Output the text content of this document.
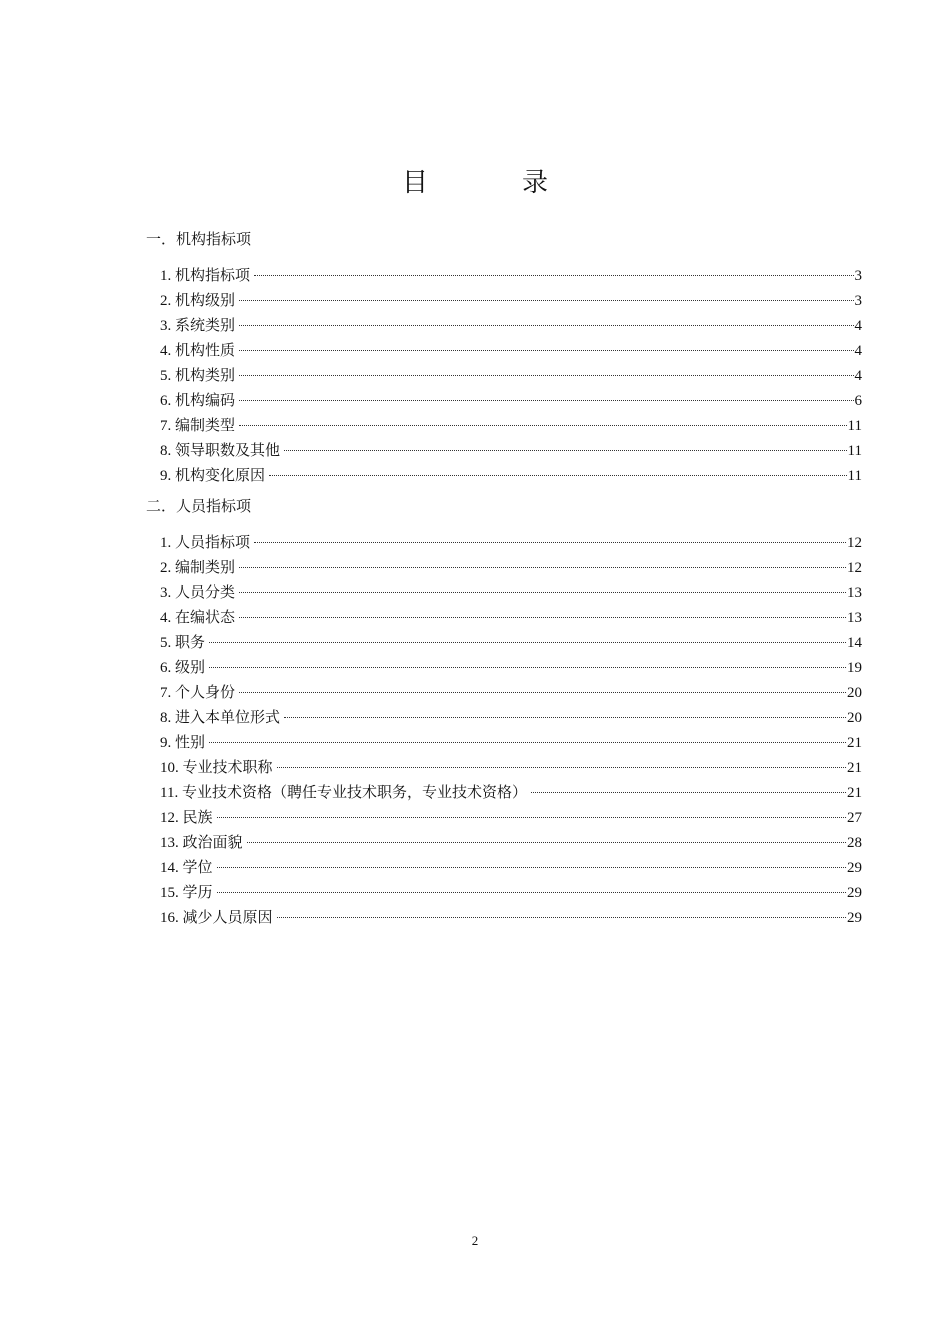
目　录
一．机构指标项
1. 机构指标项	3
2. 机构级别	3
3. 系统类别	4
4. 机构性质	4
5. 机构类别	4
6. 机构编码	6
7. 编制类型	11
8. 领导职数及其他	11
9. 机构变化原因	11
二．人员指标项
1. 人员指标项	12
2. 编制类别	12
3. 人员分类	13
4. 在编状态	13
5. 职务	14
6. 级别	19
7. 个人身份	20
8. 进入本单位形式	20
9. 性别	21
10. 专业技术职称	21
11. 专业技术资格（聘任专业技术职务，专业技术资格）	21
12. 民族	27
13. 政治面貌	28
14. 学位	29
15. 学历	29
16. 减少人员原因	29
2
